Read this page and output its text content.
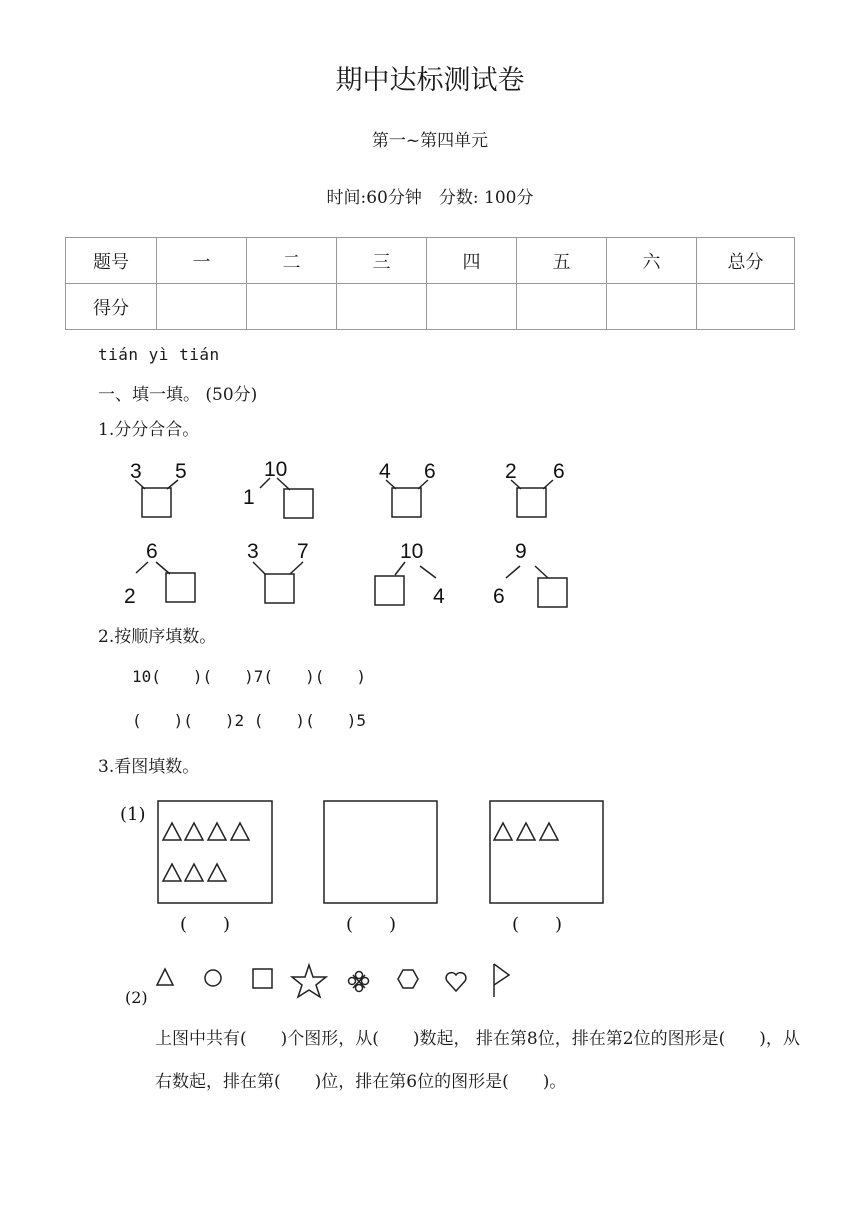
期中达标测试卷
第一~第四单元
时间:60分钟　分数: 100分
题号	一	二	三	四	五	六	总分
得分							
tián yì tián
一、填一填。 (50分)
1.分分合合。
3 5	10
1
4 6	2 6
6
2
3 7	10
4
9
6
(1)
(2)
(　　)	(　　)	(　　)
2.按顺序填数。
10(　　)(　　)7(　　)(　　)
(　　)(　　)2 (　　)(　　)5
3.看图填数。
上图中共有(　　)个图形，从(　　)数起， 排在第8位，排在第2位的图形是(　　)，从右数起，排在第(　　)位，排在第6位的图形是(　　)。
